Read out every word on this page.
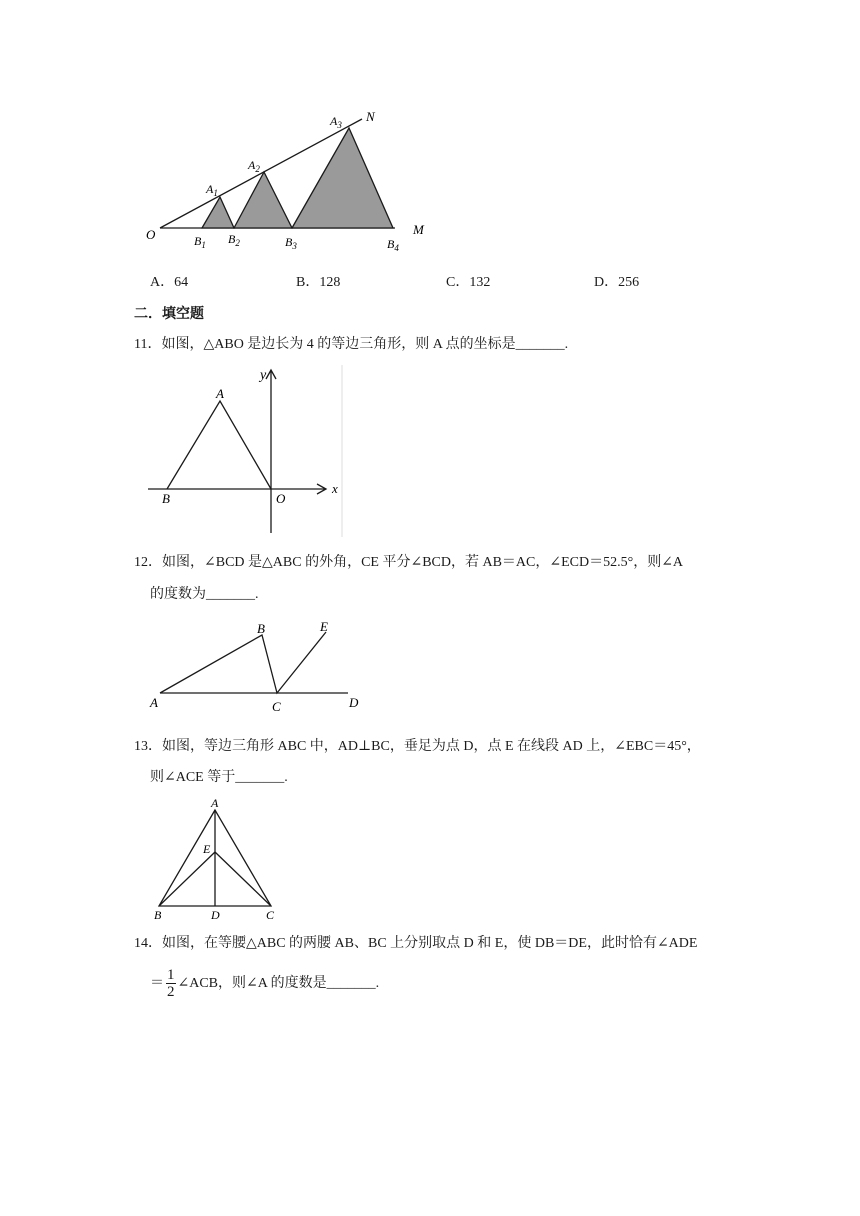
O
$A_1$
$A_2$
$A_3$
N
$B_1$ $B_2$	$B_3$	$B_4$
M
A．64	B．128	C．132	D．256
二．填空题
11．如图，△ABO 是边长为 4 的等边三角形，则 A 点的坐标是_______.
y
A
B	O
x
12．如图，∠BCD 是△ABC 的外角，CE 平分∠BCD，若 AB＝AC，∠ECD＝52.5°，则∠A
的度数为_______.
B	E
A	C	D
13．如图，等边三角形 ABC 中，AD⊥BC，垂足为点 D，点 E 在线段 AD 上，∠EBC＝45°，
则∠ACE 等于_______.
A
E
B	D	C
14．如图，在等腰△ABC 的两腰 AB、BC 上分别取点 D 和 E，使 DB＝DE，此时恰有∠ADE
＝ $\frac{1}{2}$ ∠ACB，则∠A 的度数是_______.
